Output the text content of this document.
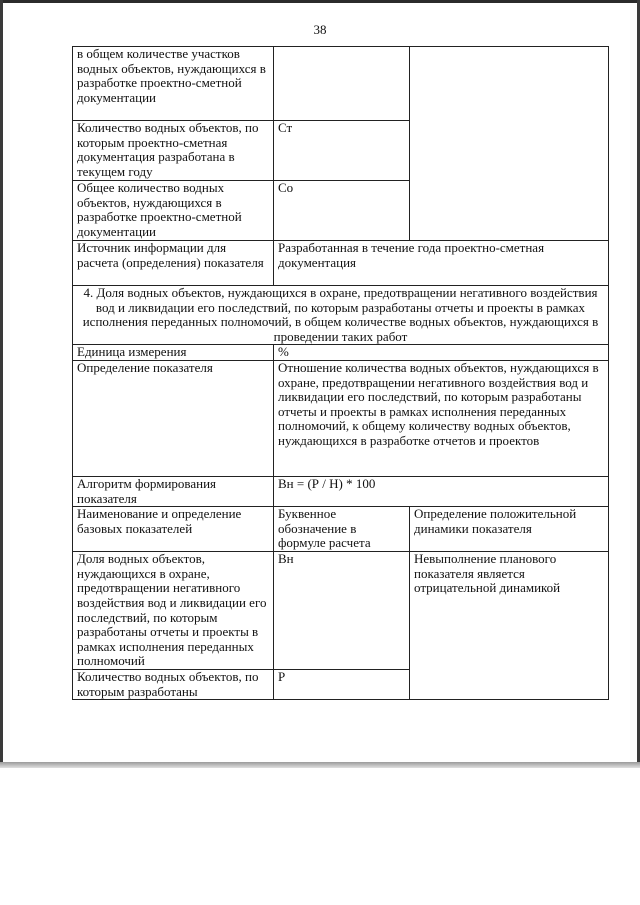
38
в общем количестве участков водных объектов, нуждающихся в разработке проектно-сметной документации		
Количество водных объектов, по которым проектно-сметная документация разработана в текущем году	Ст	
Общее количество водных объектов, нуждающихся в разработке проектно-сметной документации	Со	
Источник информации для расчета (определения) показателя	Разработанная в течение года проектно-сметная документация	
4. Доля водных объектов, нуждающихся в охране, предотвращении негативного воздействия вод и ликвидации его последствий, по которым разработаны отчеты и проекты в рамках исполнения переданных полномочий, в общем количестве водных объектов, нуждающихся в проведении таких работ		
Единица измерения	%	
Определение показателя	Отношение количества водных объектов, нуждающихся в охране, предотвращении негативного воздействия вод и ликвидации его последствий, по которым разработаны отчеты и проекты в рамках исполнения переданных полномочий, к общему количеству водных объектов, нуждающихся в разработке отчетов и проектов	
Алгоритм формирования показателя	Вн = (Р / Н) * 100	
Наименование и определение базовых показателей	Буквенное обозначение в формуле расчета	Определение положительной динамики показателя
Доля водных объектов, нуждающихся в охране, предотвращении негативного воздействия вод и ликвидации его последствий, по которым разработаны отчеты и проекты в рамках исполнения переданных полномочий	Вн	Невыполнение планового показателя является отрицательной динамикой
Количество водных объектов, по которым разработаны	Р	
